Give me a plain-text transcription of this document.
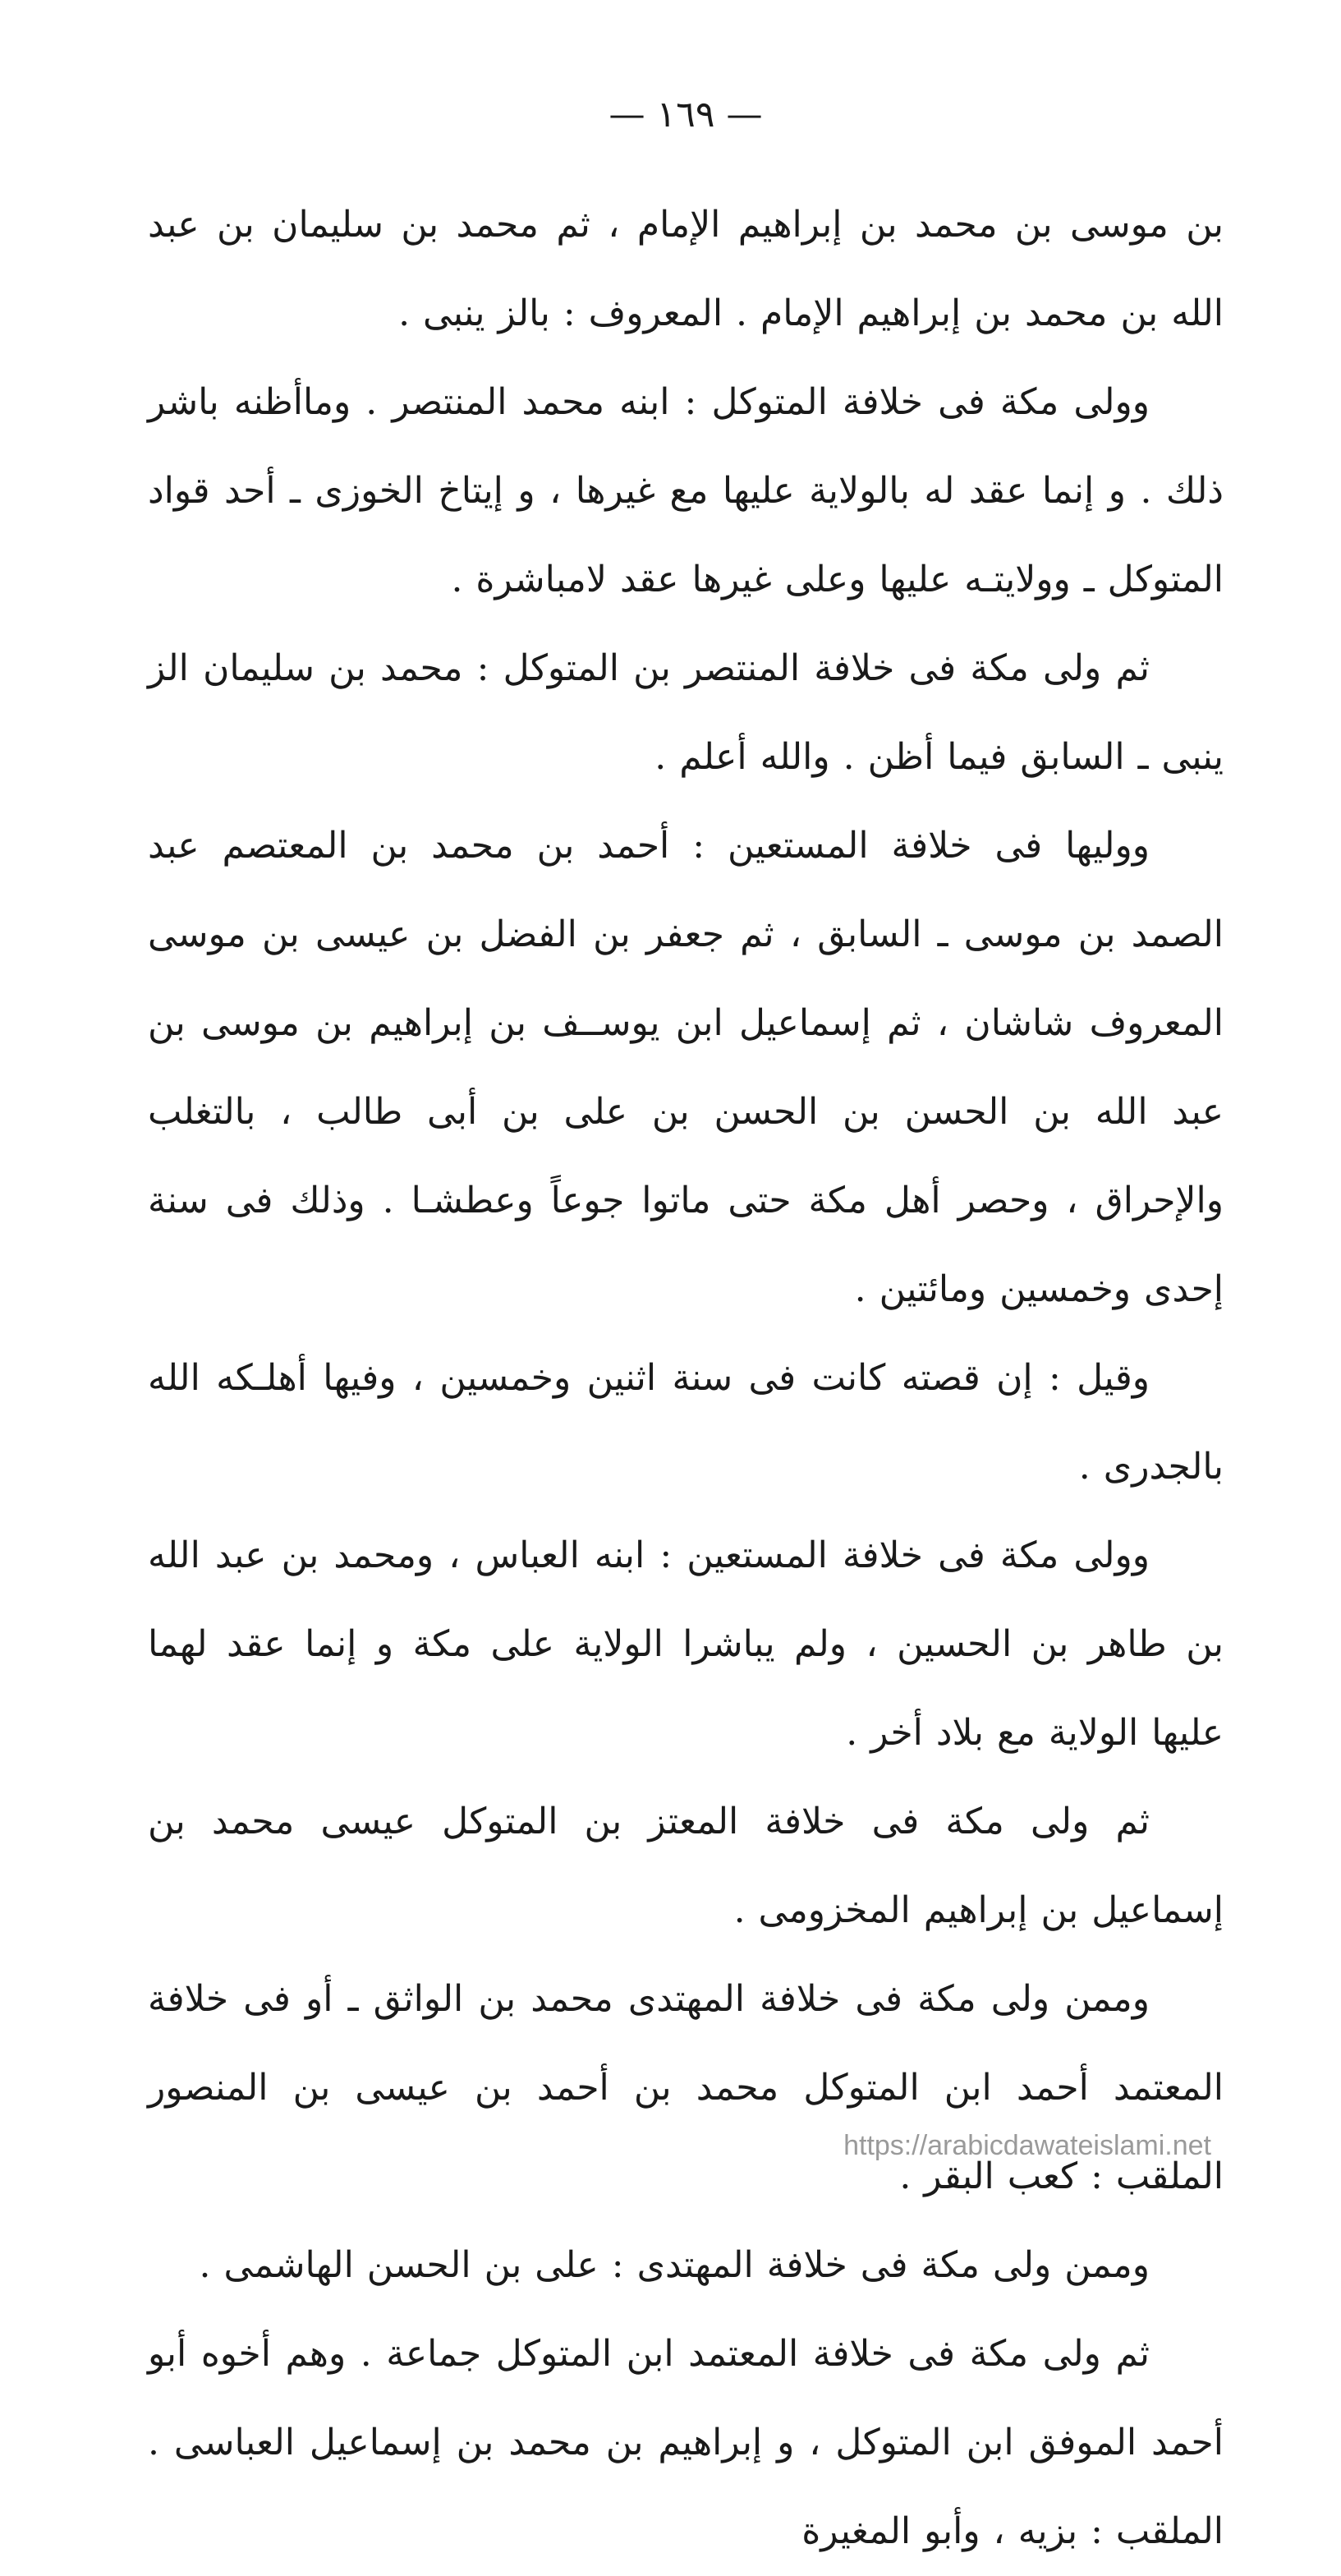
— ١٦٩ —

بن موسى بن محمد بن إبراهيم الإمام ، ثم محمد بن سليمان بن عبد الله بن محمد بن إبراهيم الإمام . المعروف : بالز ينبى .

وولى مكة فى خلافة المتوكل : ابنه محمد المنتصر . وماأظنه باشر ذلك . و إنما عقد له بالولاية عليها مع غيرها ، و إيتاخ الخوزى ـ أحد قواد المتوكل ـ وولايتـه عليها وعلى غيرها عقد لامباشرة .

ثم ولى مكة فى خلافة المنتصر بن المتوكل : محمد بن سليمان الز ينبى ـ السابق فيما أظن . والله أعلم .

ووليها فى خلافة المستعين : أحمد بن محمد بن المعتصم عبد الصمد بن موسى ـ السابق ، ثم جعفر بن الفضل بن عيسى بن موسى المعروف شاشان ، ثم إسماعيل ابن يوســف بن إبراهيم بن موسى بن عبد الله بن الحسن بن الحسن بن على بن أبى طالب ، بالتغلب والإحراق ، وحصر أهل مكة حتى ماتوا جوعاً وعطشـا . وذلك فى سنة إحدى وخمسين ومائتين .

وقيل : إن قصته كانت فى سنة اثنين وخمسين ، وفيها أهلـكه الله بالجدرى .

وولى مكة فى خلافة المستعين : ابنه العباس ، ومحمد بن عبد الله بن طاهر بن الحسين ، ولم يباشرا الولاية على مكة و إنما عقد لهما عليها الولاية مع بلاد أخر .

ثم ولى مكة فى خلافة المعتز بن المتوكل عيسى محمد بن إسماعيل بن إبراهيم المخزومى .

وممن ولى مكة فى خلافة المهتدى محمد بن الواثق ـ أو فى خلافة المعتمد أحمد ابن المتوكل محمد بن أحمد بن عيسى بن المنصور الملقب : كعب البقر .

وممن ولى مكة فى خلافة المهتدى : على بن الحسن الهاشمى .

ثم ولى مكة فى خلافة المعتمد ابن المتوكل جماعة . وهم أخوه أبو أحمد الموفق ابن المتوكل ، و إبراهيم بن محمد بن إسماعيل العباسى . الملقب : بزيه ، وأبو المغيرة

https://arabicdawateislami.net
